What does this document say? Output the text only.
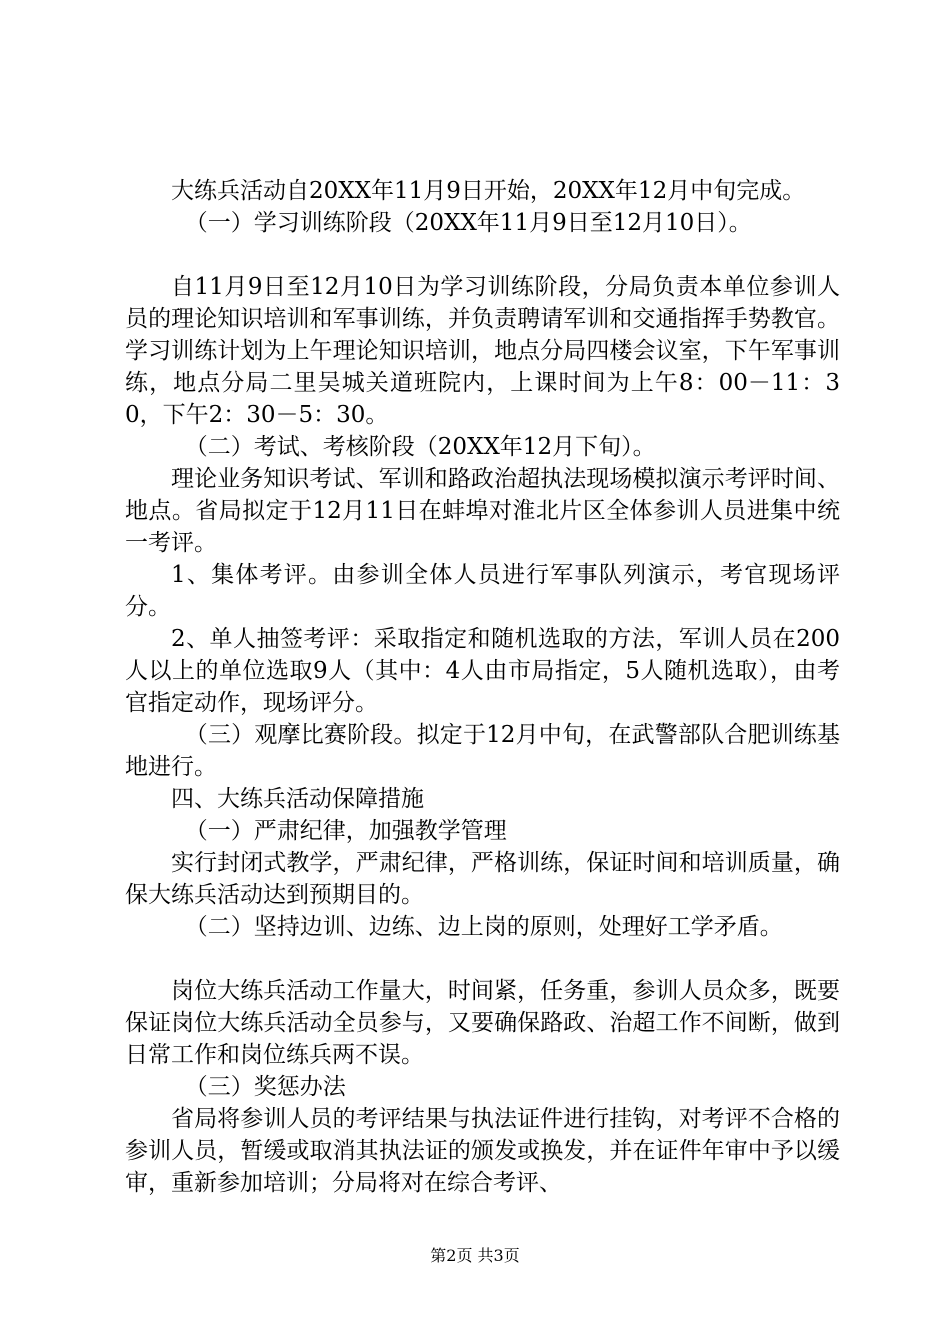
大练兵活动自20XX年11月9日开始，20XX年12月中旬完成。

（一）学习训练阶段（20XX年11月9日至12月10日）。

自11月9日至12月10日为学习训练阶段，分局负责本单位参训人员的理论知识培训和军事训练，并负责聘请军训和交通指挥手势教官。学习训练计划为上午理论知识培训，地点分局四楼会议室，下午军事训练，地点分局二里吴城关道班院内，上课时间为上午8：00－11：30，下午2：30－5：30。

（二）考试、考核阶段（20XX年12月下旬）。

理论业务知识考试、军训和路政治超执法现场模拟演示考评时间、地点。省局拟定于12月11日在蚌埠对淮北片区全体参训人员进集中统一考评。

1、集体考评。由参训全体人员进行军事队列演示，考官现场评分。

2、单人抽签考评：采取指定和随机选取的方法，军训人员在200人以上的单位选取9人（其中：4人由市局指定，5人随机选取），由考官指定动作，现场评分。

（三）观摩比赛阶段。拟定于12月中旬，在武警部队合肥训练基地进行。

四、大练兵活动保障措施

（一）严肃纪律，加强教学管理

实行封闭式教学，严肃纪律，严格训练，保证时间和培训质量，确保大练兵活动达到预期目的。

（二）坚持边训、边练、边上岗的原则，处理好工学矛盾。

岗位大练兵活动工作量大，时间紧，任务重，参训人员众多，既要保证岗位大练兵活动全员参与，又要确保路政、治超工作不间断，做到日常工作和岗位练兵两不误。

（三）奖惩办法

省局将参训人员的考评结果与执法证件进行挂钩，对考评不合格的参训人员，暂缓或取消其执法证的颁发或换发，并在证件年审中予以缓审，重新参加培训；分局将对在综合考评、

第2页 共3页
